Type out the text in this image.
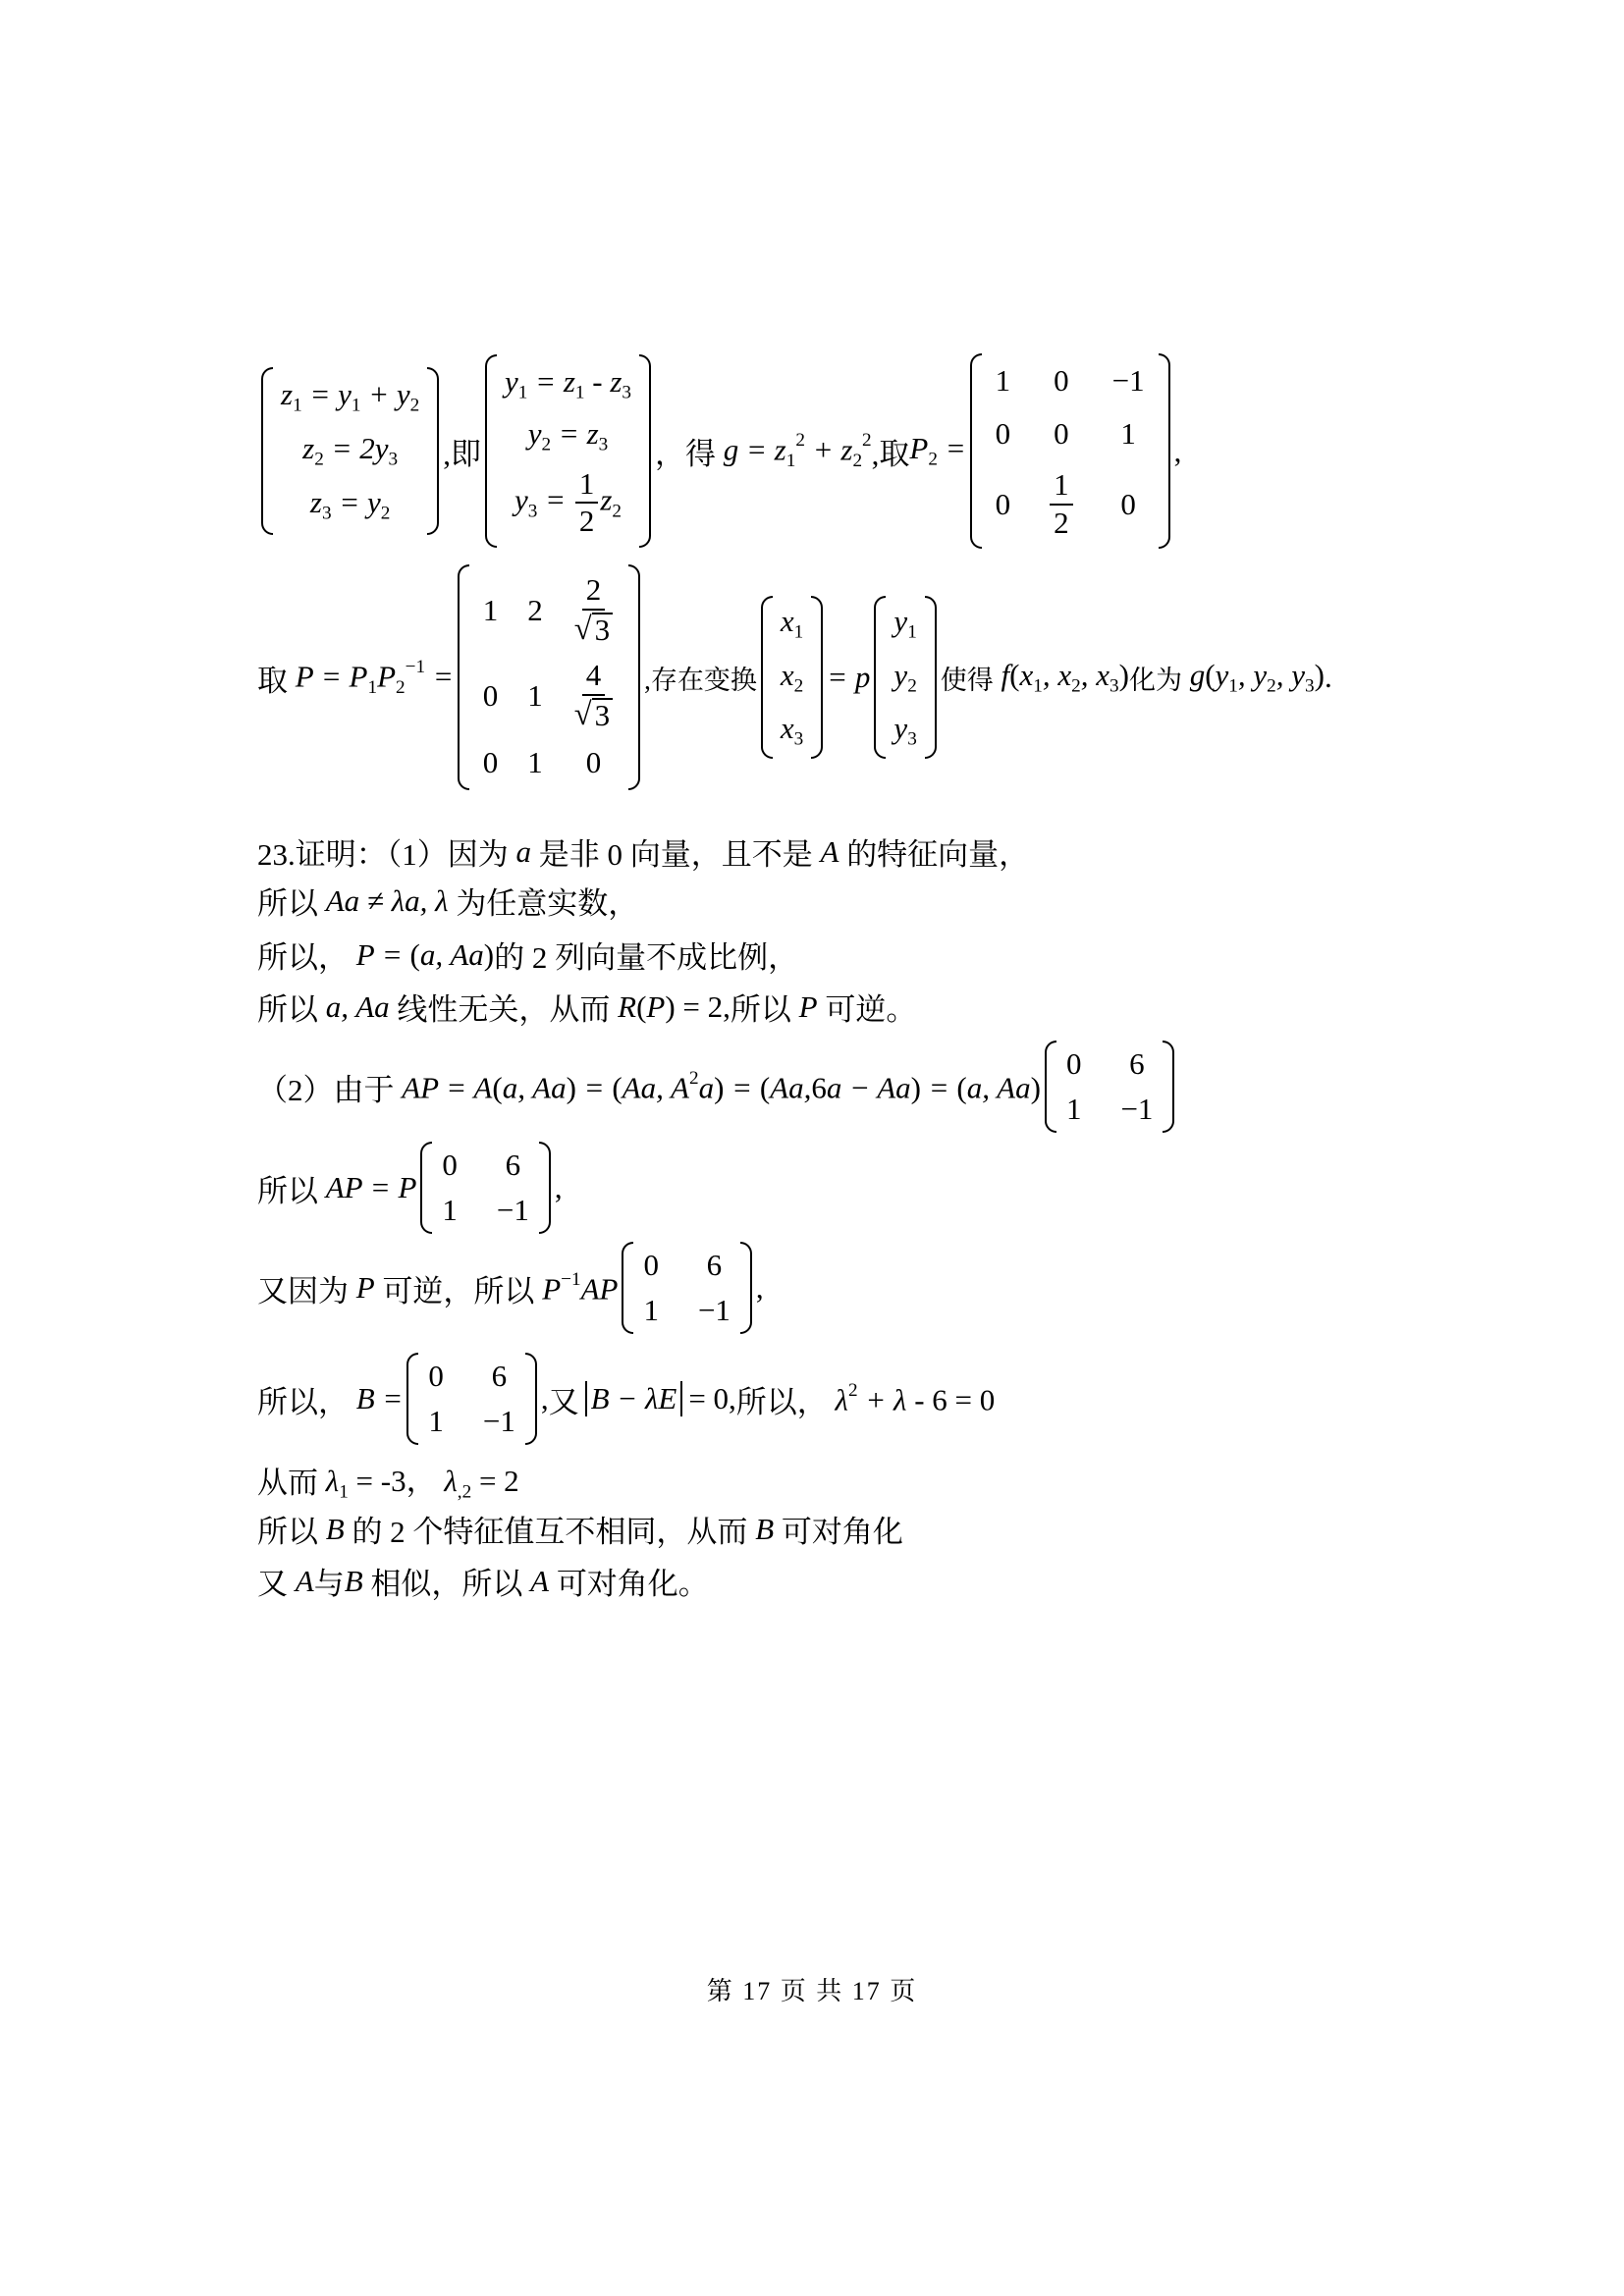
$z_1 = y_1 + y_2$
$z_2 = 2y_3$
$z_3 = y_2$
,即
$y_1 = z_1 - z_3$
$y_2 = z_3$
$y_3 = \frac{1}{2} z_2$
，得 $g = z_1^2 + z_2^2$ ,取 $P_2$ =
1 0 −1
0 0 1
$0 \frac{1}{2} 0$
,
取 $P = P_1P_2^{-1}$ =
1 $2 \frac{2}{√ 3}$
0 $1 \frac{4}{√ 3}$
0 1 0
,存在变换
$x_1$
$x_2$
$x_3$
= p
$y_1$
$y_2$
$y_3$
使得 $f(x_1$, $x_2$, $x_3$) 化为 $g(y_1$, $y_2$, $y_3$) .
23.证明：（1）因为 a 是非 0 向量，且不是 A 的特征向量，
所以 Aa ≠ λa, λ 为任意实数，
所以， P = (a, Aa) 的 2 列向量不成比例，
所以 a, Aa 线性无关，从而 R(P) = 2, 所以 P 可逆。
（2）由于 AP = A(a, Aa) = (Aa, $A^2a) = (Aa,6a - Aa) = (a$, Aa)
0 6
1 −1
所以 AP = P
0 6
1 −1
,
又因为 P 可逆，所以 $P^{-1}AP$
0 6
1 −1
,
所以， B =
0 6
1 −1
, 又 B − λE = 0, 所以， $\lambda^2 + \lambda - 6 = 0$
从而 $\lambda_1 = -3$， $\lambda_{,2} = 2$
所以 B 的 2 个特征值互不相同，从而 B 可对角化
又 A 与 B 相似，所以 A 可对角化。
第 17 页 共 17 页
